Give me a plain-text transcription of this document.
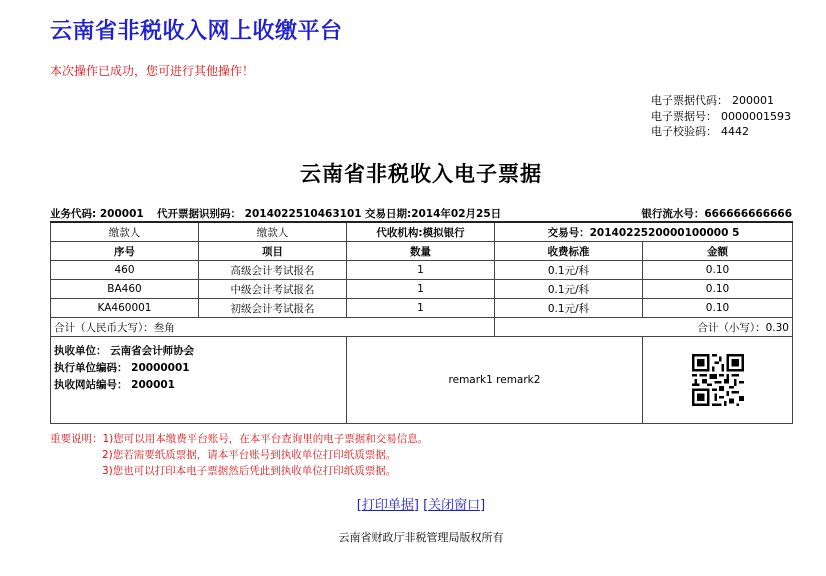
云南省非税收入网上收缴平台
本次操作已成功，您可进行其他操作！
电子票据代码： 200001
电子票据号： 0000001593
电子校验码： 4442
云南省非税收入电子票据
业务代码: 200001 代开票据识别码： 2014022510463101 交易日期:2014年02月25日	银行流水号：666666666666
缴款人	缴款人	代收机构:模拟银行	交易号：2014022520000100000 5	
序号	项目	数量	收费标准	金额
460	高级会计考试报名	1	0.1元/科	0.10
BA460	中级会计考试报名	1	0.1元/科	0.10
KA460001	初级会计考试报名	1	0.1元/科	0.10
合计（人民币大写）：叁角			合计（小写）：0.30	

执收单位： 云南省会计师协会
执行单位编码： 20000001
执收网站编号： 200001		remark1 remark2	
重要说明：1)您可以用本缴费平台账号，在本平台查询里的电子票据和交易信息。
2)您若需要纸质票据，请本平台账号到执收单位打印纸质票据。
3)您也可以打印本电子票据然后凭此到执收单位打印纸质票据。
[打印单据] [关闭窗口]
云南省财政厅非税管理局版权所有
